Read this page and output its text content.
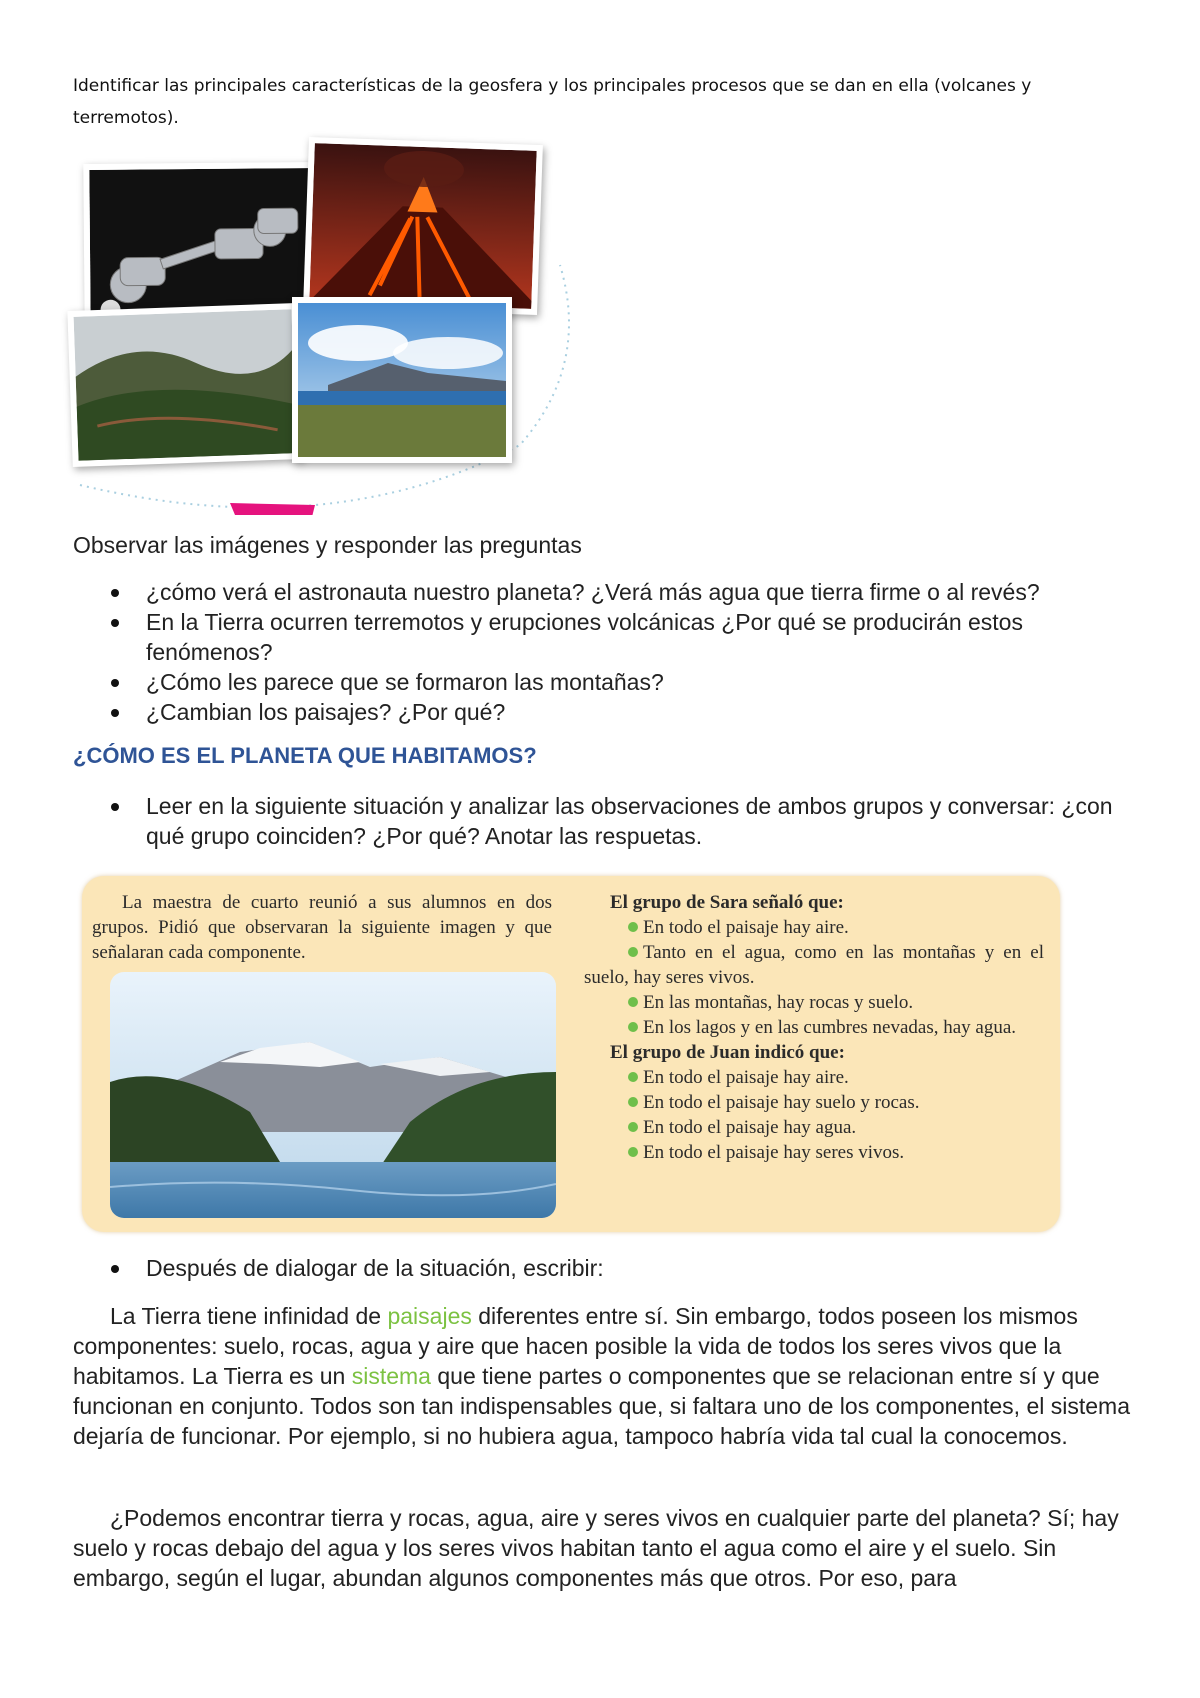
Identificar las principales características de la geosfera y los principales procesos que se dan en ella (volcanes y terremotos).
Observar las imágenes y responder las preguntas
¿cómo verá el astronauta nuestro planeta? ¿Verá más agua que tierra firme o al revés?
En la Tierra ocurren terremotos y erupciones volcánicas ¿Por qué se producirán estos fenómenos?
¿Cómo les parece que se formaron las montañas?
¿Cambian los paisajes? ¿Por qué?
¿CÓMO ES EL PLANETA QUE HABITAMOS?
Leer en la siguiente situación y analizar las observaciones de ambos grupos y conversar: ¿con qué grupo coinciden? ¿Por qué? Anotar las respuetas.
La maestra de cuarto reunió a sus alumnos en dos grupos. Pidió que observaran la siguiente imagen y que señalaran cada componente.
El grupo de Sara señaló que:
En todo el paisaje hay aire.
Tanto en el agua, como en las montañas y en el suelo, hay seres vivos.
En las montañas, hay rocas y suelo.
En los lagos y en las cumbres nevadas, hay agua.
El grupo de Juan indicó que:
En todo el paisaje hay aire.
En todo el paisaje hay suelo y rocas.
En todo el paisaje hay agua.
En todo el paisaje hay seres vivos.
Después de dialogar de la situación, escribir:

La Tierra tiene infinidad de paisajes diferentes entre sí. Sin embargo, todos poseen los mismos componentes: suelo, rocas, agua y aire que hacen posible la vida de todos los seres vivos que la habitamos. La Tierra es un sistema que tiene partes o componentes que se relacionan entre sí y que funcionan en conjunto. Todos son tan indispensables que, si faltara uno de los componentes, el sistema dejaría de funcionar. Por ejemplo, si no hubiera agua, tampoco habría vida tal cual la conocemos.

¿Podemos encontrar tierra y rocas, agua, aire y seres vivos en cualquier parte del planeta? Sí; hay suelo y rocas debajo del agua y los seres vivos habitan tanto el agua como el aire y el suelo. Sin embargo, según el lugar, abundan algunos componentes más que otros. Por eso, para
